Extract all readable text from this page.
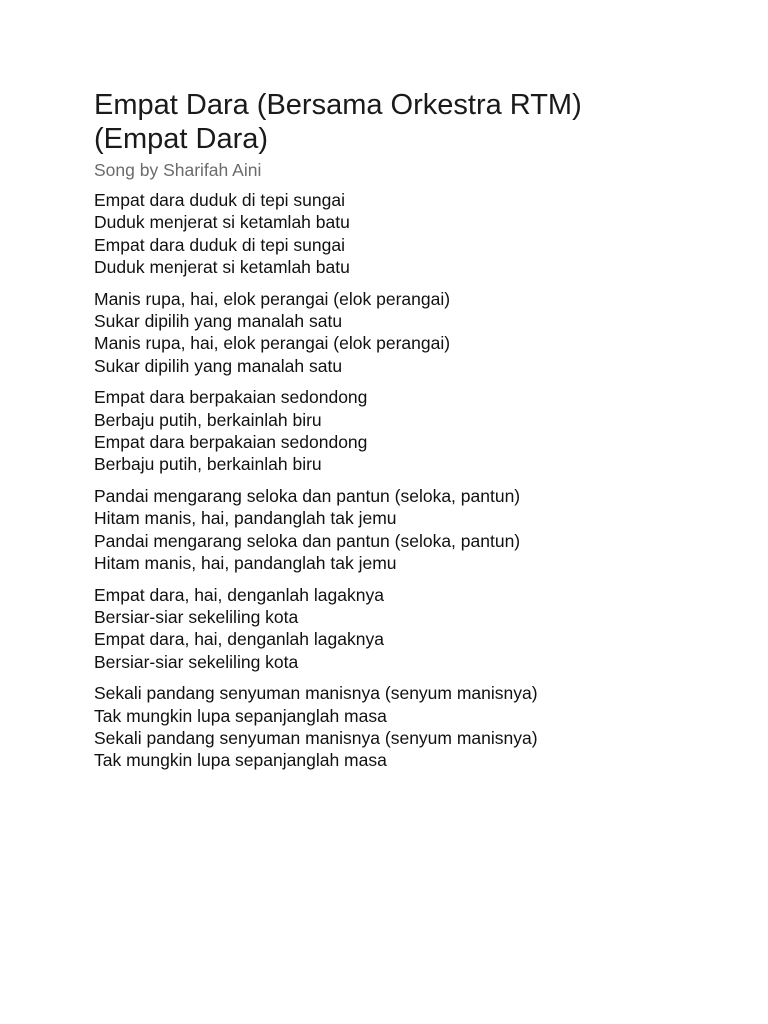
Empat Dara (Bersama Orkestra RTM)
(Empat Dara)
Song by Sharifah Aini
Empat dara duduk di tepi sungai
Duduk menjerat si ketamlah batu
Empat dara duduk di tepi sungai
Duduk menjerat si ketamlah batu
Manis rupa, hai, elok perangai (elok perangai)
Sukar dipilih yang manalah satu
Manis rupa, hai, elok perangai (elok perangai)
Sukar dipilih yang manalah satu
Empat dara berpakaian sedondong
Berbaju putih, berkainlah biru
Empat dara berpakaian sedondong
Berbaju putih, berkainlah biru
Pandai mengarang seloka dan pantun (seloka, pantun)
Hitam manis, hai, pandanglah tak jemu
Pandai mengarang seloka dan pantun (seloka, pantun)
Hitam manis, hai, pandanglah tak jemu
Empat dara, hai, denganlah lagaknya
Bersiar-siar sekeliling kota
Empat dara, hai, denganlah lagaknya
Bersiar-siar sekeliling kota
Sekali pandang senyuman manisnya (senyum manisnya)
Tak mungkin lupa sepanjanglah masa
Sekali pandang senyuman manisnya (senyum manisnya)
Tak mungkin lupa sepanjanglah masa
